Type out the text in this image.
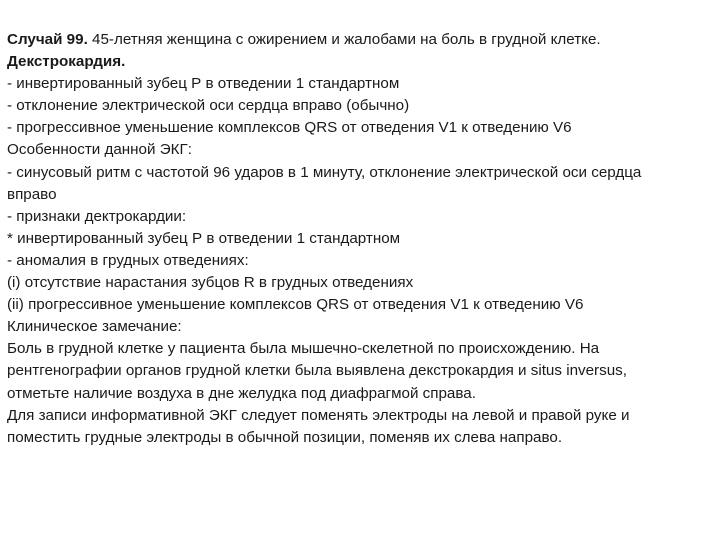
Случай 99. 45-летняя женщина с ожирением и жалобами на боль в грудной клетке.
Декстрокардия.
- инвертированный зубец Р в отведении 1 стандартном
- отклонение электрической оси сердца вправо (обычно)
- прогрессивное уменьшение комплексов QRS от отведения V1 к отведению V6
Особенности данной ЭКГ:
- синусовый ритм с частотой 96 ударов в 1 минуту, отклонение электрической оси сердца
вправо
- признаки дектрокардии:
* инвертированный зубец Р в отведении 1 стандартном
- аномалия в грудных отведениях:
(i) отсутствие нарастания зубцов R в грудных отведениях
(ii) прогрессивное уменьшение комплексов QRS от отведения V1 к отведению V6
Клиническое замечание:
Боль в грудной клетке у пациента была мышечно-скелетной по происхождению. На
рентгенографии органов грудной клетки была выявлена декстрокардия и situs inversus,
отметьте наличие воздуха в дне желудка под диафрагмой справа.
Для записи информативной ЭКГ следует поменять электроды на левой и правой руке и
поместить грудные электроды в обычной позиции, поменяв их слева направо.
